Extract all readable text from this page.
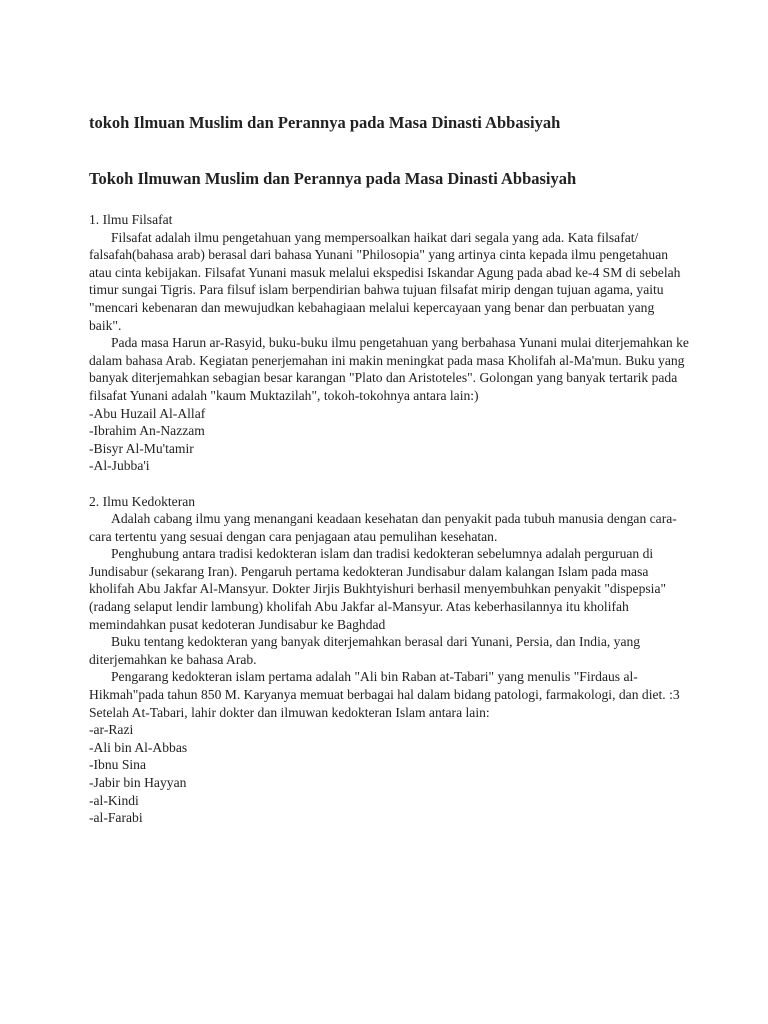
tokoh Ilmuan Muslim dan Perannya pada Masa Dinasti Abbasiyah
Tokoh Ilmuwan Muslim dan Perannya pada Masa Dinasti Abbasiyah

1. Ilmu Filsafat

Filsafat adalah ilmu pengetahuan yang mempersoalkan haikat dari segala yang ada. Kata filsafat/ falsafah(bahasa arab) berasal dari bahasa Yunani "Philosopia" yang artinya cinta kepada ilmu pengetahuan atau cinta kebijakan. Filsafat Yunani masuk melalui ekspedisi Iskandar Agung pada abad ke-4 SM di sebelah timur sungai Tigris. Para filsuf islam berpendirian bahwa tujuan filsafat mirip dengan tujuan agama, yaitu "mencari kebenaran dan mewujudkan kebahagiaan melalui kepercayaan yang benar dan perbuatan yang baik".

Pada masa Harun ar-Rasyid, buku-buku ilmu pengetahuan yang berbahasa Yunani mulai diterjemahkan ke dalam bahasa Arab. Kegiatan penerjemahan ini makin meningkat pada masa Kholifah al-Ma'mun. Buku yang banyak diterjemahkan sebagian besar karangan "Plato dan Aristoteles". Golongan yang banyak tertarik pada filsafat Yunani adalah "kaum Muktazilah", tokoh-tokohnya antara lain:)

-Abu Huzail Al-Allaf

-Ibrahim An-Nazzam

-Bisyr Al-Mu'tamir

-Al-Jubba'i

2. Ilmu Kedokteran

Adalah cabang ilmu yang menangani keadaan kesehatan dan penyakit pada tubuh manusia dengan cara-cara tertentu yang sesuai dengan cara penjagaan atau pemulihan kesehatan.

Penghubung antara tradisi kedokteran islam dan tradisi kedokteran sebelumnya adalah perguruan di Jundisabur (sekarang Iran). Pengaruh pertama kedokteran Jundisabur dalam kalangan Islam pada masa kholifah Abu Jakfar Al-Mansyur. Dokter Jirjis Bukhtyishuri berhasil menyembuhkan penyakit "dispepsia" (radang selaput lendir lambung) kholifah Abu Jakfar al-Mansyur. Atas keberhasilannya itu kholifah memindahkan pusat kedoteran Jundisabur ke Baghdad

Buku tentang kedokteran yang banyak diterjemahkan berasal dari Yunani, Persia, dan India, yang diterjemahkan ke bahasa Arab.

Pengarang kedokteran islam pertama adalah "Ali bin Raban at-Tabari" yang menulis "Firdaus al-Hikmah"pada tahun 850 M. Karyanya memuat berbagai hal dalam bidang patologi, farmakologi, dan diet. :3

Setelah At-Tabari, lahir dokter dan ilmuwan kedokteran Islam antara lain:

-ar-Razi

-Ali bin Al-Abbas

-Ibnu Sina

-Jabir bin Hayyan

-al-Kindi

-al-Farabi
